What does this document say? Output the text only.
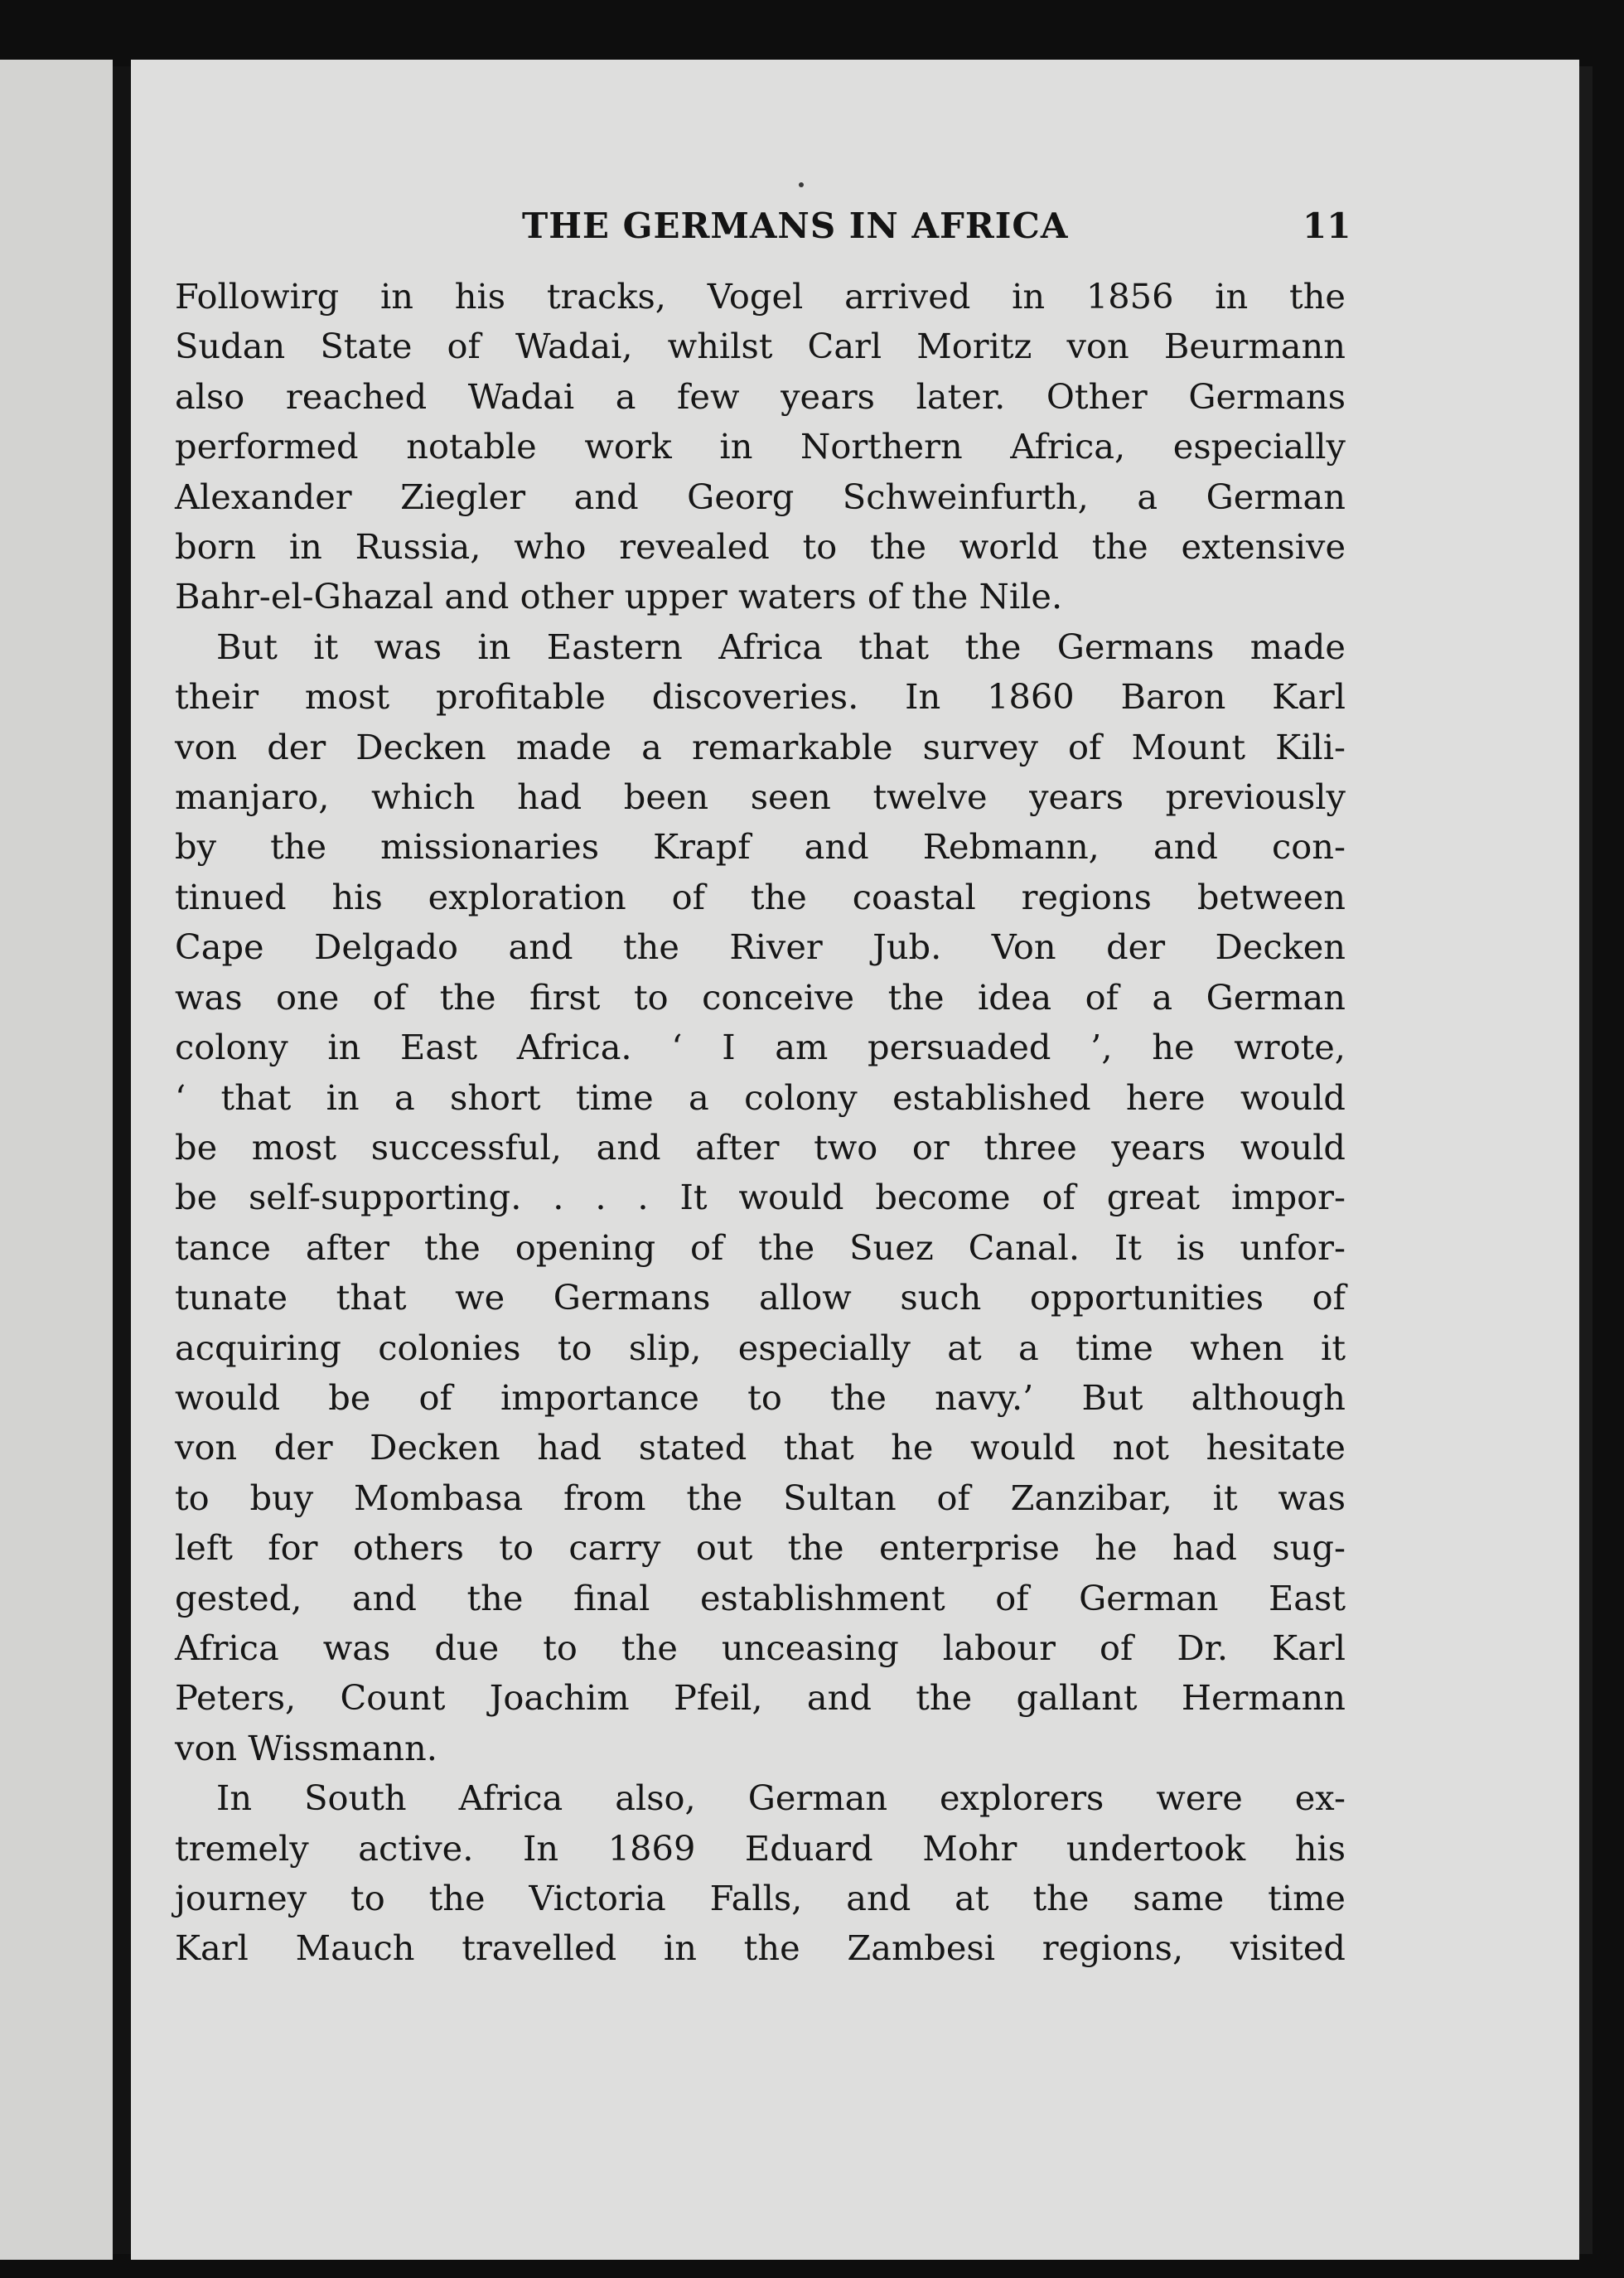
THE GERMANS IN AFRICA	11
Followirg in his tracks, Vogel arrived in 1856 in the
Sudan State of Wadai, whilst Carl Moritz von Beurmann
also reached Wadai a few years later. Other Germans
performed notable work in Northern Africa, especially
Alexander Ziegler and Georg Schweinfurth, a German
born in Russia, who revealed to the world the extensive
Bahr-el-Ghazal and other upper waters of the Nile.
But it was in Eastern Africa that the Germans made
their most profitable discoveries. In 1860 Baron Karl
von der Decken made a remarkable survey of Mount Kili-
manjaro, which had been seen twelve years previously
by the missionaries Krapf and Rebmann, and con-
tinued his exploration of the coastal regions between
Cape Delgado and the River Jub. Von der Decken
was one of the first to conceive the idea of a German
colony in East Africa. ‘ I am persuaded ’, he wrote,
‘ that in a short time a colony established here would
be most successful, and after two or three years would
be self-supporting. . . . It would become of great impor-
tance after the opening of the Suez Canal. It is unfor-
tunate that we Germans allow such opportunities of
acquiring colonies to slip, especially at a time when it
would be of importance to the navy.’ But although
von der Decken had stated that he would not hesitate
to buy Mombasa from the Sultan of Zanzibar, it was
left for others to carry out the enterprise he had sug-
gested, and the final establishment of German East
Africa was due to the unceasing labour of Dr. Karl
Peters, Count Joachim Pfeil, and the gallant Hermann
von Wissmann.
In South Africa also, German explorers were ex-
tremely active. In 1869 Eduard Mohr undertook his
journey to the Victoria Falls, and at the same time
Karl Mauch travelled in the Zambesi regions, visited
